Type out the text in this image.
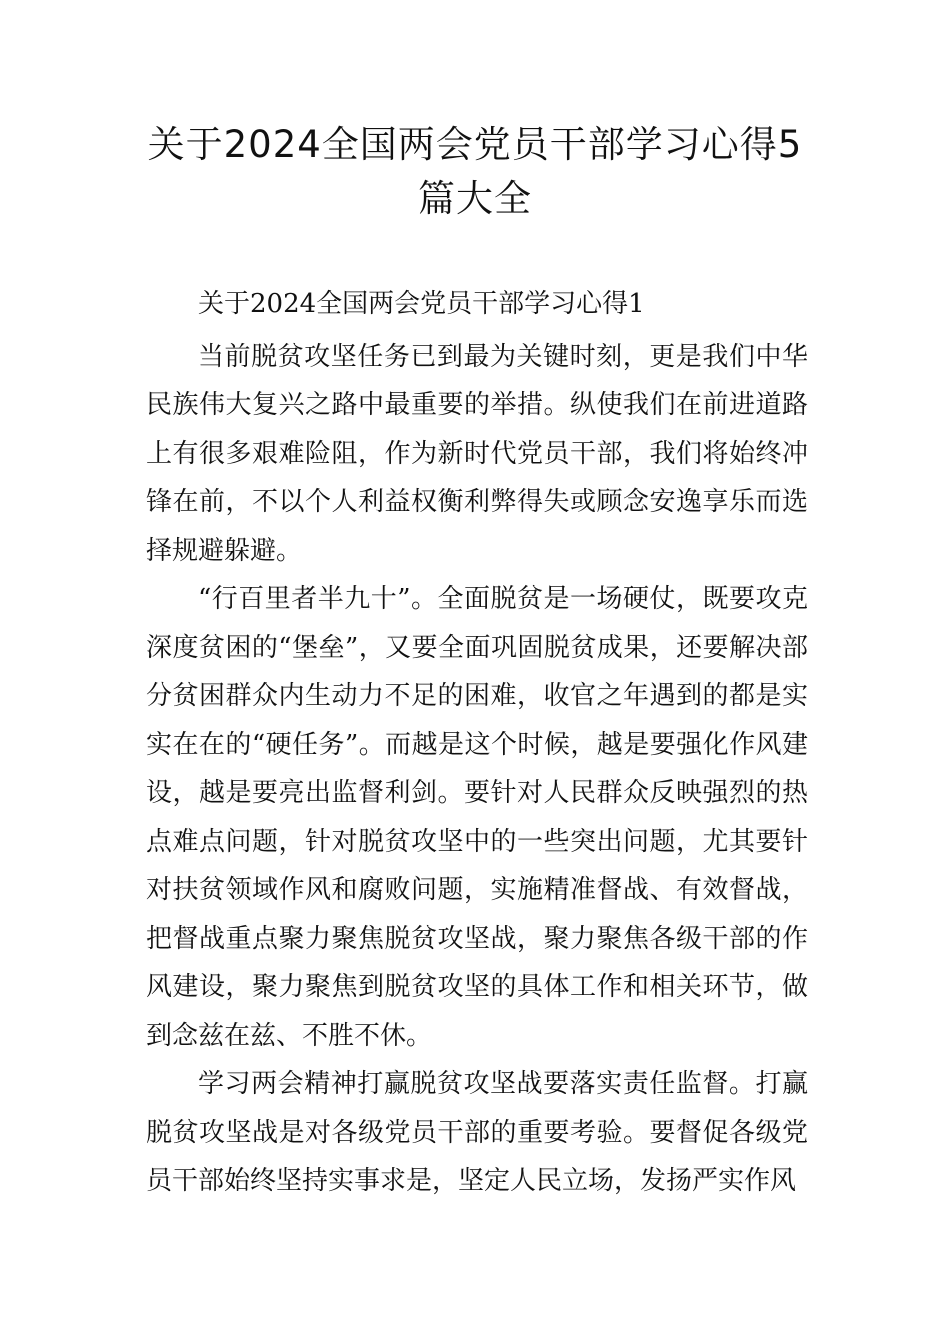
关于2024全国两会党员干部学习心得5篇大全

关于2024全国两会党员干部学习心得1

当前脱贫攻坚任务已到最为关键时刻，更是我们中华民族伟大复兴之路中最重要的举措。纵使我们在前进道路上有很多艰难险阻，作为新时代党员干部，我们将始终冲锋在前，不以个人利益权衡利弊得失或顾念安逸享乐而选择规避躲避。

“行百里者半九十”。全面脱贫是一场硬仗，既要攻克深度贫困的“堡垒”，又要全面巩固脱贫成果，还要解决部分贫困群众内生动力不足的困难，收官之年遇到的都是实实在在的“硬任务”。而越是这个时候，越是要强化作风建设，越是要亮出监督利剑。要针对人民群众反映强烈的热点难点问题，针对脱贫攻坚中的一些突出问题，尤其要针对扶贫领域作风和腐败问题，实施精准督战、有效督战，把督战重点聚力聚焦脱贫攻坚战，聚力聚焦各级干部的作风建设，聚力聚焦到脱贫攻坚的具体工作和相关环节，做到念兹在兹、不胜不休。

学习两会精神打赢脱贫攻坚战要落实责任监督。打赢脱贫攻坚战是对各级党员干部的重要考验。要督促各级党员干部始终坚持实事求是，坚定人民立场，发扬严实作风
